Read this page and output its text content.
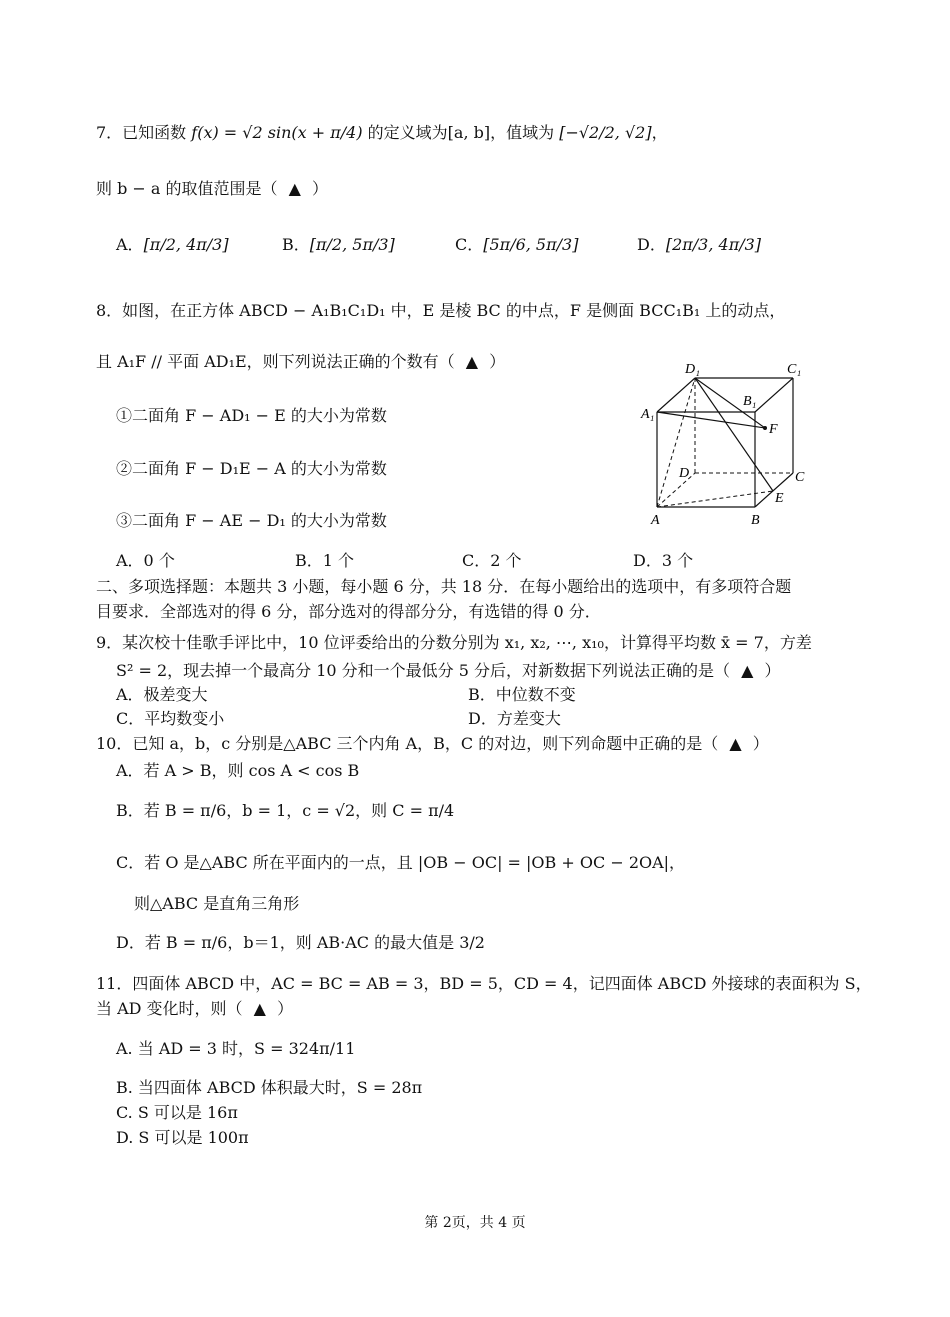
7．已知函数 f(x) = √2 sin(x + π/4) 的定义域为[a, b]，值域为 [−√2/2, √2]，
则 b − a 的取值范围是（ ▲ ）
A．[π/2, 4π/3]	B．[π/2, 5π/3]	C．[5π/6, 5π/3]	D．[2π/3, 4π/3]
8．如图，在正方体 ABCD − A₁B₁C₁D₁ 中，E 是棱 BC 的中点，F 是侧面 BCC₁B₁ 上的动点，
且 A₁F // 平面 AD₁E，则下列说法正确的个数有（ ▲ ）
①二面角 F − AD₁ − E 的大小为常数
②二面角 F − D₁E − A 的大小为常数
③二面角 F − AE − D₁ 的大小为常数
A．0 个	B．1 个	C．2 个	D．3 个
D₁	C₁
B₁
A₁
F
D	C
E
A	B
二、多项选择题：本题共 3 小题，每小题 6 分，共 18 分．在每小题给出的选项中，有多项符合题
目要求．全部选对的得 6 分，部分选对的得部分分，有选错的得 0 分．
9．某次校十佳歌手评比中，10 位评委给出的分数分别为 x₁, x₂, ⋯, x₁₀，计算得平均数 x̄ = 7，方差
S² = 2，现去掉一个最高分 10 分和一个最低分 5 分后，对新数据下列说法正确的是（ ▲ ）
A．极差变大	B．中位数不变
C．平均数变小	D．方差变大
10．已知 a，b，c 分别是△ABC 三个内角 A，B，C 的对边，则下列命题中正确的是（ ▲ ）
A．若 A > B，则 cos A < cos B
B．若 B = π/6，b = 1，c = √2，则 C = π/4
C．若 O 是△ABC 所在平面内的一点，且 |OB − OC| = |OB + OC − 2OA|，
则△ABC 是直角三角形
D．若 B = π/6，b＝1，则 AB·AC 的最大值是 3/2
11．四面体 ABCD 中，AC = BC = AB = 3，BD = 5，CD = 4，记四面体 ABCD 外接球的表面积为 S，
当 AD 变化时，则（ ▲ ）
A. 当 AD = 3 时，S = 324π/11
B. 当四面体 ABCD 体积最大时，S = 28π
C. S 可以是 16π
D. S 可以是 100π
第 2页，共 4 页
